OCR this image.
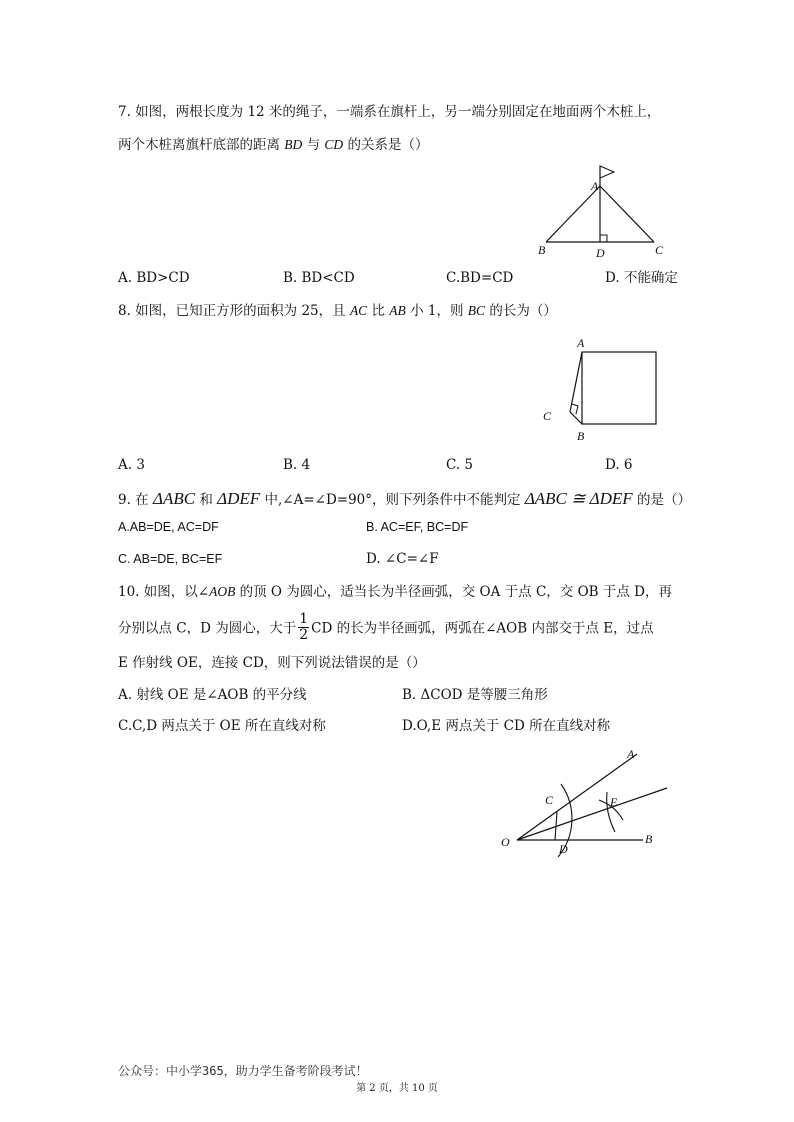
7. 如图，两根长度为 12 米的绳子，一端系在旗杆上，另一端分别固定在地面两个木桩上，
两个木桩离旗杆底部的距离 BD 与 CD 的关系是（）
A
B	D	C
A. BD>CD	B. BD<CD	C.BD=CD	D. 不能确定
8. 如图，已知正方形的面积为 25，且 AC 比 AB 小 1，则 BC 的长为（）
A
C
B
A. 3	B. 4	C. 5	D. 6
9. 在 ΔABC 和 ΔDEF 中,∠A=∠D=90°，则下列条件中不能判定 ΔABC ≅ ΔDEF 的是（）
A.AB=DE, AC=DF	B. AC=EF, BC=DF
C. AB=DE, BC=EF	D. ∠C=∠F
10. 如图，以∠AOB 的顶 O 为圆心，适当长为半径画弧，交 OA 于点 C，交 OB 于点 D，再
分别以点 C，D 为圆心，大于 $\frac{1}{2}$ CD 的长为半径画弧，两弧在∠AOB 内部交于点 E，过点
E 作射线 OE，连接 CD，则下列说法错误的是（）
A. 射线 OE 是∠AOB 的平分线	B. ΔCOD 是等腰三角形
C.C,D 两点关于 OE 所在直线对称	D.O,E 两点关于 CD 所在直线对称
C	E
A
B
O	D
公众号：中小学365，助力学生备考阶段考试！
第 2 页，共 10 页
